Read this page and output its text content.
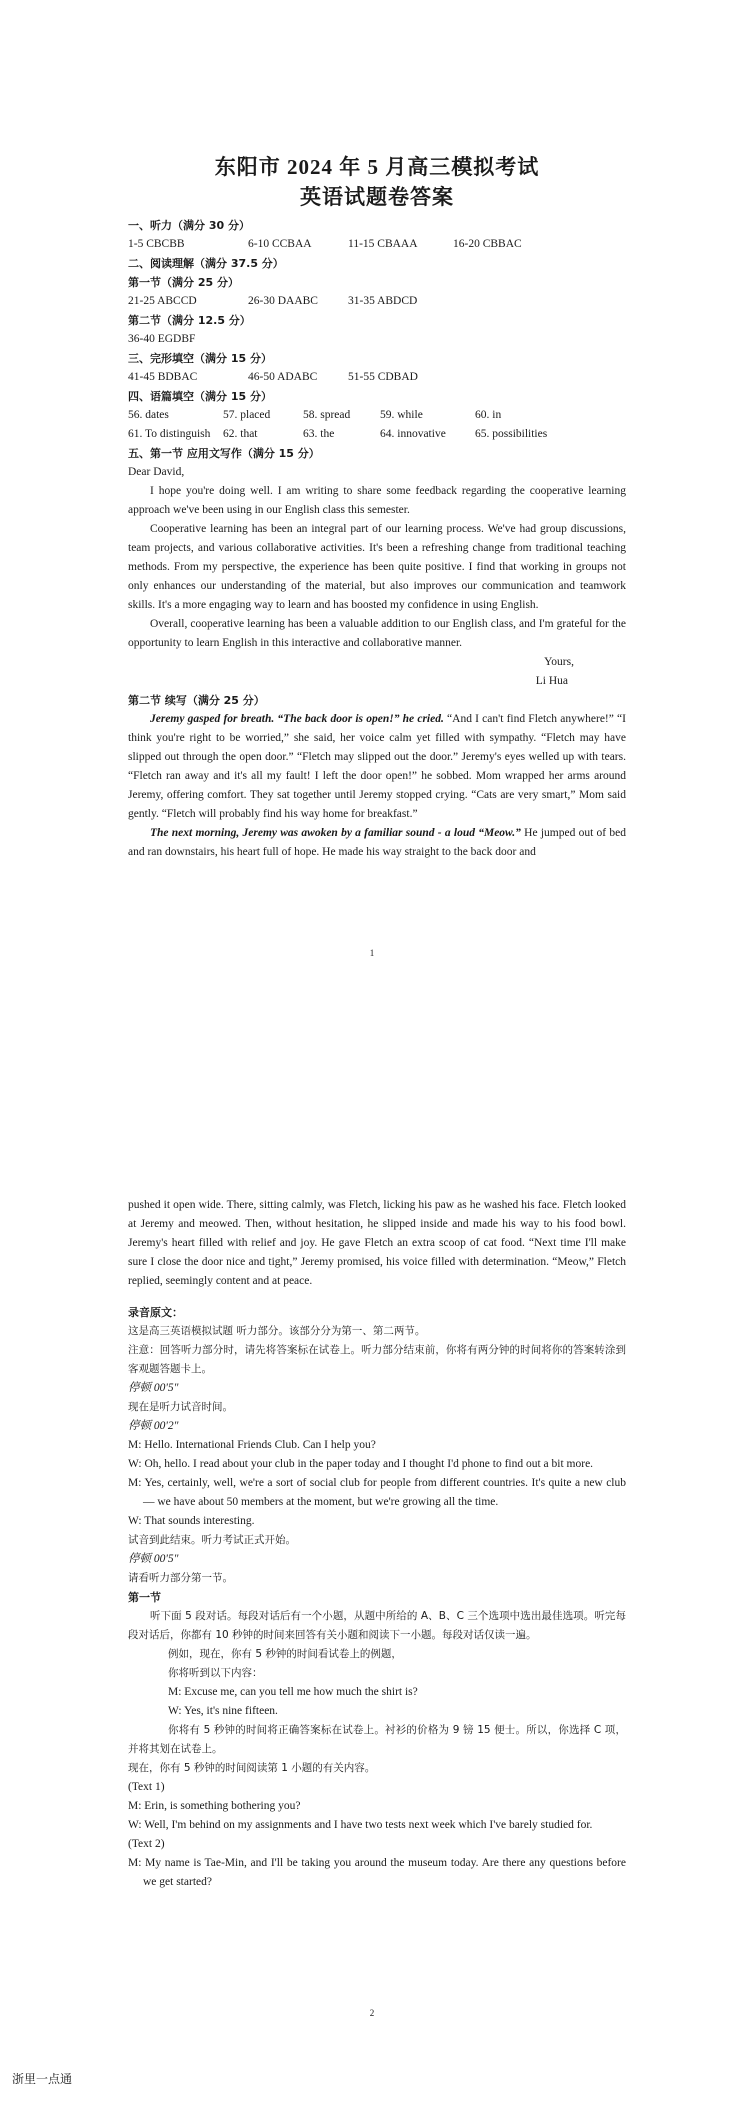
东阳市 2024 年 5 月高三模拟考试
英语试题卷答案
一、听力（满分 30 分）
1-5 CBCBB	6-10 CCBAA	11-15 CBAAA	16-20 CBBAC
二、阅读理解（满分 37.5 分）
第一节（满分 25 分）
21-25 ABCCD	26-30 DAABC	31-35 ABDCD
第二节（满分 12.5 分）
36-40 EGDBF
三、完形填空（满分 15 分）
41-45 BDBAC	46-50 ADABC	51-55 CDBAD
四、语篇填空（满分 15 分）
56. dates	57. placed	58. spread	59. while	60. in
61. To distinguish	62. that	63. the	64. innovative	65. possibilities
五、第一节 应用文写作（满分 15 分）

Dear David,

I hope you're doing well. I am writing to share some feedback regarding the cooperative learning approach we've been using in our English class this semester.

Cooperative learning has been an integral part of our learning process. We've had group discussions, team projects, and various collaborative activities. It's been a refreshing change from traditional teaching methods. From my perspective, the experience has been quite positive. I find that working in groups not only enhances our understanding of the material, but also improves our communication and teamwork skills. It's a more engaging way to learn and has boosted my confidence in using English.

Overall, cooperative learning has been a valuable addition to our English class, and I'm grateful for the opportunity to learn English in this interactive and collaborative manner.

Yours,
Li Hua
第二节 续写（满分 25 分）

Jeremy gasped for breath. “The back door is open!” he cried. “And I can't find Fletch anywhere!” “I think you're right to be worried,” she said, her voice calm yet filled with sympathy. “Fletch may have slipped out through the open door.” “Fletch may slipped out the door.” Jeremy's eyes welled up with tears. “Fletch ran away and it's all my fault! I left the door open!” he sobbed. Mom wrapped her arms around Jeremy, offering comfort. They sat together until Jeremy stopped crying. “Cats are very smart,” Mom said gently. “Fletch will probably find his way home for breakfast.”

The next morning, Jeremy was awoken by a familiar sound - a loud “Meow.” He jumped out of bed and ran downstairs, his heart full of hope. He made his way straight to the back door and

1

pushed it open wide. There, sitting calmly, was Fletch, licking his paw as he washed his face. Fletch looked at Jeremy and meowed. Then, without hesitation, he slipped inside and made his way to his food bowl. Jeremy's heart filled with relief and joy. He gave Fletch an extra scoop of cat food. “Next time I'll make sure I close the door nice and tight,” Jeremy promised, his voice filled with determination. “Meow,” Fletch replied, seemingly content and at peace.

录音原文：

这是高三英语模拟试题 听力部分。该部分分为第一、第二两节。

注意：回答听力部分时，请先将答案标在试卷上。听力部分结束前，你将有两分钟的时间将你的答案转涂到客观题答题卡上。

停顿 00'5"
现在是听力试音时间。
停顿 00'2"

M: Hello. International Friends Club. Can I help you?

W: Oh, hello. I read about your club in the paper today and I thought I'd phone to find out a bit more.

M: Yes, certainly, well, we're a sort of social club for people from different countries. It's quite a new club — we have about 50 members at the moment, but we're growing all the time.

W: That sounds interesting.

试音到此结束。听力考试正式开始。
停顿 00'5"
请看听力部分第一节。
第一节

听下面 5 段对话。每段对话后有一个小题，从题中所给的 A、B、C 三个选项中选出最佳选项。听完每段对话后，你都有 10 秒钟的时间来回答有关小题和阅读下一小题。每段对话仅读一遍。

例如，现在，你有 5 秒钟的时间看试卷上的例题，
你将听到以下内容：
M: Excuse me, can you tell me how much the shirt is?
W: Yes, it's nine fifteen.

你将有 5 秒钟的时间将正确答案标在试卷上。衬衫的价格为 9 镑 15 便士。所以，你选择 C 项，并将其划在试卷上。

现在，你有 5 秒钟的时间阅读第 1 小题的有关内容。
(Text 1)

M: Erin, is something bothering you?

W: Well, I'm behind on my assignments and I have two tests next week which I've barely studied for.

(Text 2)

M: My name is Tae-Min, and I'll be taking you around the museum today. Are there any questions before we get started?

2
浙里一点通
